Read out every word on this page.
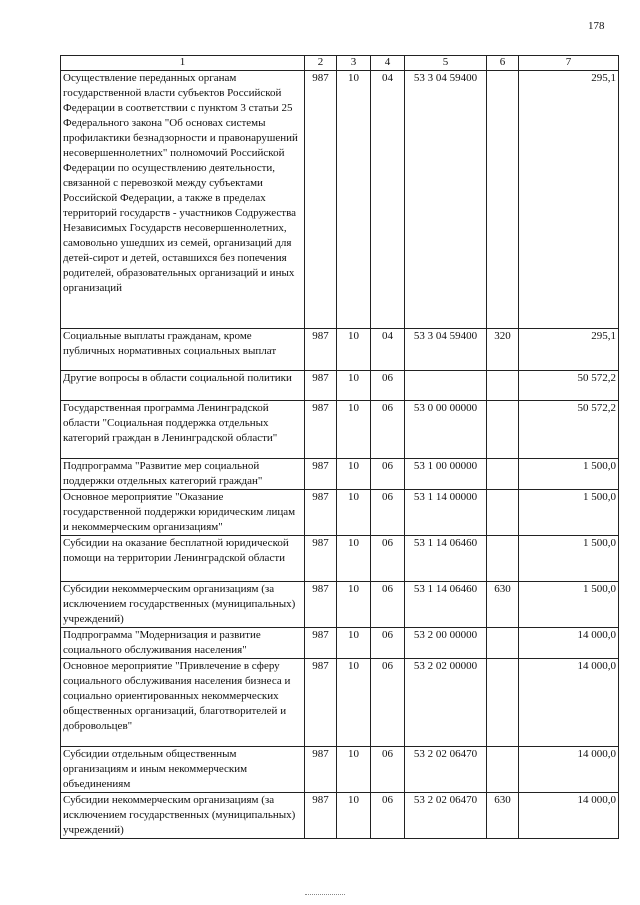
178
1	2	3	4	5	6	7
Осуществление переданных органам государственной власти субъектов Российской Федерации в соответствии с пунктом 3 статьи 25 Федерального закона "Об основах системы профилактики безнадзорности и правонарушений несовершеннолетних" полномочий Российской Федерации по осуществлению деятельности, связанной с перевозкой между субъектами Российской Федерации, а также в пределах территорий государств - участников Содружества Независимых Государств несовершеннолетних, самовольно ушедших из семей, организаций для детей-сирот и детей, оставшихся без попечения родителей, образовательных организаций и иных организаций	987	10	04	53 3 04 59400		295,1
Социальные выплаты гражданам, кроме публичных нормативных социальных выплат	987	10	04	53 3 04 59400	320	295,1
Другие вопросы в области социальной политики	987	10	06			50 572,2
Государственная программа Ленинградской области "Социальная поддержка отдельных категорий граждан в Ленинградской области"	987	10	06	53 0 00 00000		50 572,2
Подпрограмма "Развитие мер социальной поддержки отдельных категорий граждан"	987	10	06	53 1 00 00000		1 500,0
Основное мероприятие "Оказание государственной поддержки юридическим лицам и некоммерческим организациям"	987	10	06	53 1 14 00000		1 500,0
Субсидии на оказание бесплатной юридической помощи на территории Ленинградской области	987	10	06	53 1 14 06460		1 500,0
Субсидии некоммерческим организациям (за исключением государственных (муниципальных) учреждений)	987	10	06	53 1 14 06460	630	1 500,0
Подпрограмма "Модернизация и развитие социального обслуживания населения"	987	10	06	53 2 00 00000		14 000,0
Основное мероприятие "Привлечение в сферу социального обслуживания населения бизнеса и социально ориентированных некоммерческих общественных организаций, благотворителей и добровольцев"	987	10	06	53 2 02 00000		14 000,0
Субсидии отдельным общественным организациям и иным некоммерческим объединениям	987	10	06	53 2 02 06470		14 000,0
Субсидии некоммерческим организациям (за исключением государственных (муниципальных) учреждений)	987	10	06	53 2 02 06470	630	14 000,0
